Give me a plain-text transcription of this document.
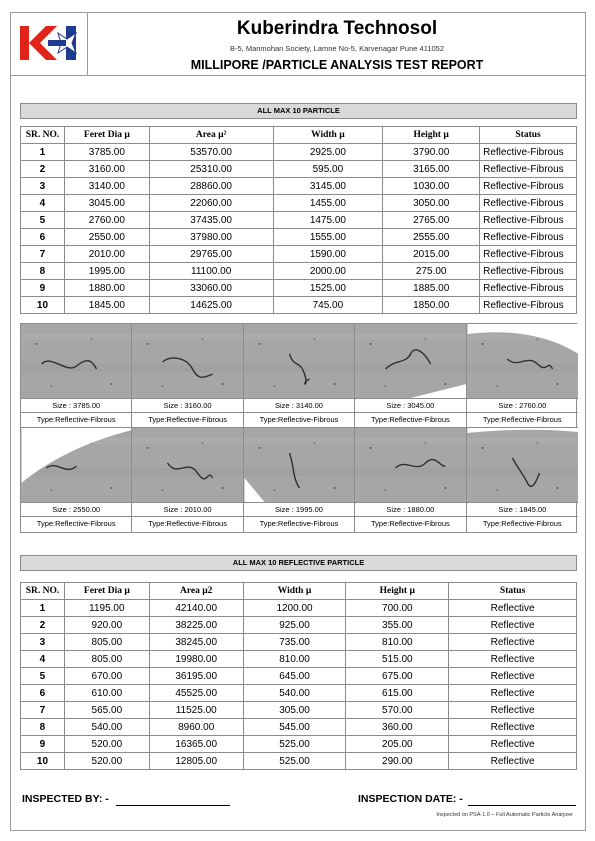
Kuberindra Technosol
B-5, Manmohan Society, Lamne No-5, Karvenagar Pune 411052
MILLIPORE /PARTICLE ANALYSIS TEST REPORT
ALL MAX 10 PARTICLE
SR. NO.	Feret Dia µ	Area µ²	Width µ	Height µ	Status
1	3785.00	53570.00	2925.00	3790.00	Reflective-Fibrous
2	3160.00	25310.00	595.00	3165.00	Reflective-Fibrous
3	3140.00	28860.00	3145.00	1030.00	Reflective-Fibrous
4	3045.00	22060.00	1455.00	3050.00	Reflective-Fibrous
5	2760.00	37435.00	1475.00	2765.00	Reflective-Fibrous
6	2550.00	37980.00	1555.00	2555.00	Reflective-Fibrous
7	2010.00	29765.00	1590.00	2015.00	Reflective-Fibrous
8	1995.00	11100.00	2000.00	275.00	Reflective-Fibrous
9	1880.00	33060.00	1525.00	1885.00	Reflective-Fibrous
10	1845.00	14625.00	745.00	1850.00	Reflective-Fibrous
Size : 3785.00
Type:Reflective-Fibrous
Size : 3160.00
Type:Reflective-Fibrous
Size : 3140.00
Type:Reflective-Fibrous
Size : 3045.00
Type:Reflective-Fibrous
Size : 2760.00
Type:Reflective-Fibrous
Size : 2550.00
Type:Reflective-Fibrous
Size : 2010.00
Type:Reflective-Fibrous
Size : 1995.00
Type:Reflective-Fibrous
Size : 1880.00
Type:Reflective-Fibrous
Size : 1845.00
Type:Reflective-Fibrous
ALL MAX 10 REFLECTIVE PARTICLE
SR. NO.	Feret Dia µ	Area µ2	Width µ	Height µ	Status
1	1195.00	42140.00	1200.00	700.00	Reflective
2	920.00	38225.00	925.00	355.00	Reflective
3	805.00	38245.00	735.00	810.00	Reflective
4	805.00	19980.00	810.00	515.00	Reflective
5	670.00	36195.00	645.00	675.00	Reflective
6	610.00	45525.00	540.00	615.00	Reflective
7	565.00	11525.00	305.00	570.00	Reflective
8	540.00	8960.00	545.00	360.00	Reflective
9	520.00	16365.00	525.00	205.00	Reflective
10	520.00	12805.00	525.00	290.00	Reflective
INSPECTED BY: -	INSPECTION DATE: -
Inspected on PSA-1.0 – Full Automatic Particle Analyzer
